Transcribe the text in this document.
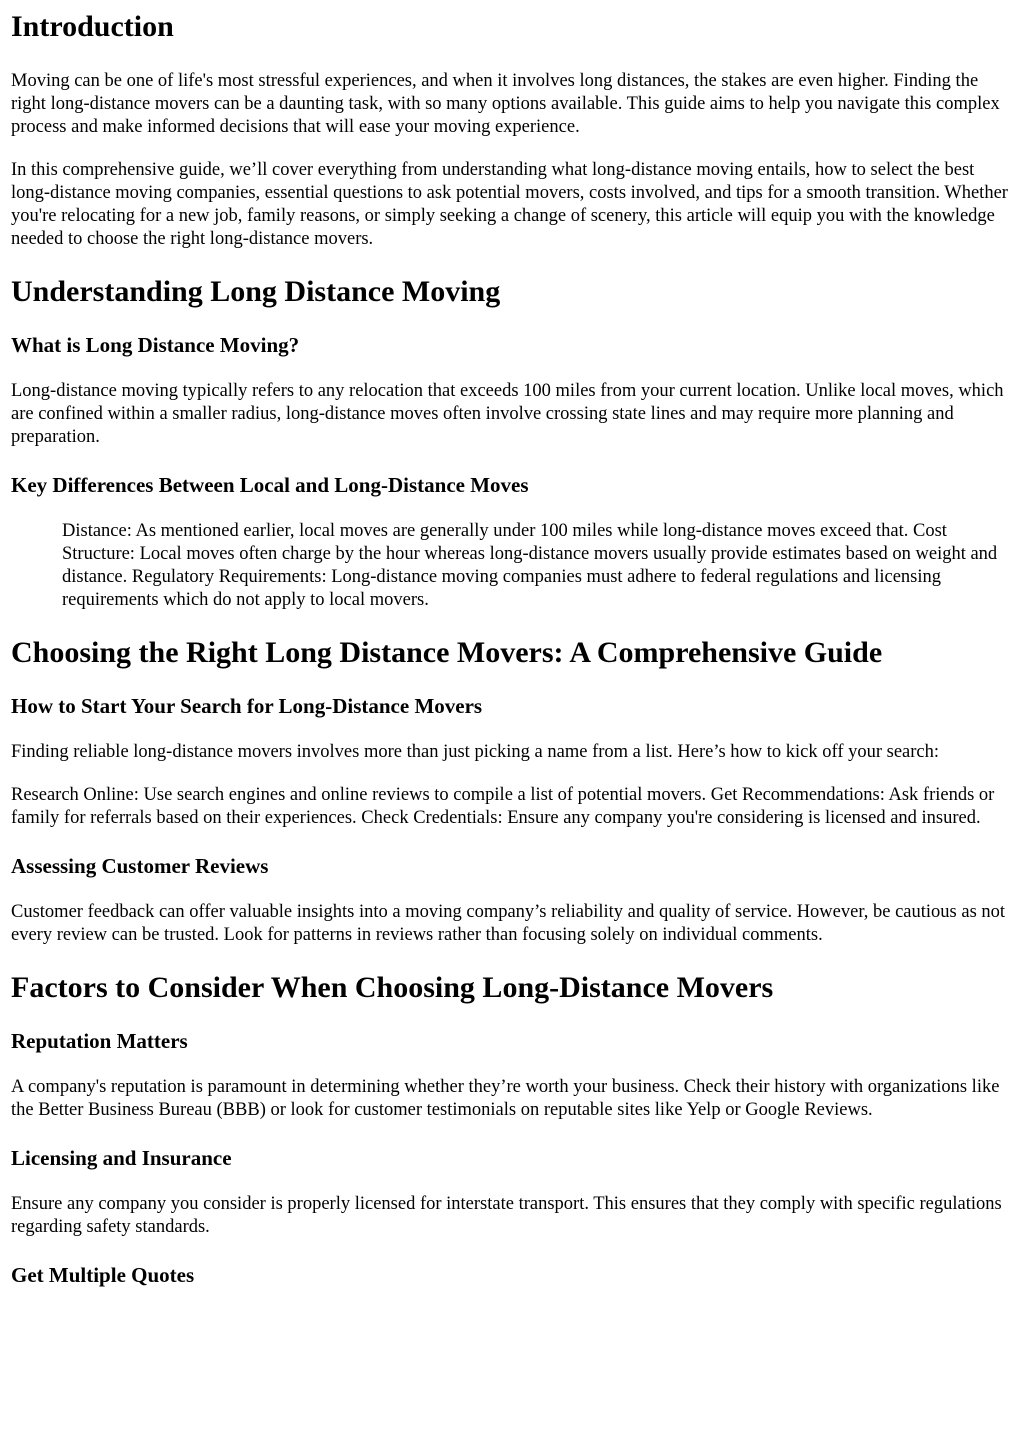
Introduction

Moving can be one of life's most stressful experiences, and when it involves long distances, the stakes are even higher. Finding the right long-distance movers can be a daunting task, with so many options available. This guide aims to help you navigate this complex process and make informed decisions that will ease your moving experience.

In this comprehensive guide, we’ll cover everything from understanding what long-distance moving entails, how to select the best long-distance moving companies, essential questions to ask potential movers, costs involved, and tips for a smooth transition. Whether you're relocating for a new job, family reasons, or simply seeking a change of scenery, this article will equip you with the knowledge needed to choose the right long-distance movers.

Understanding Long Distance Moving
What is Long Distance Moving?

Long-distance moving typically refers to any relocation that exceeds 100 miles from your current location. Unlike local moves, which are confined within a smaller radius, long-distance moves often involve crossing state lines and may require more planning and preparation.

Key Differences Between Local and Long-Distance Moves
Distance: As mentioned earlier, local moves are generally under 100 miles while long-distance moves exceed that. Cost Structure: Local moves often charge by the hour whereas long-distance movers usually provide estimates based on weight and distance. Regulatory Requirements: Long-distance moving companies must adhere to federal regulations and licensing requirements which do not apply to local movers.
Choosing the Right Long Distance Movers: A Comprehensive Guide
How to Start Your Search for Long-Distance Movers

Finding reliable long-distance movers involves more than just picking a name from a list. Here’s how to kick off your search:

Research Online: Use search engines and online reviews to compile a list of potential movers. Get Recommendations: Ask friends or family for referrals based on their experiences. Check Credentials: Ensure any company you're considering is licensed and insured.

Assessing Customer Reviews

Customer feedback can offer valuable insights into a moving company’s reliability and quality of service. However, be cautious as not every review can be trusted. Look for patterns in reviews rather than focusing solely on individual comments.

Factors to Consider When Choosing Long-Distance Movers
Reputation Matters

A company's reputation is paramount in determining whether they’re worth your business. Check their history with organizations like the Better Business Bureau (BBB) or look for customer testimonials on reputable sites like Yelp or Google Reviews.

Licensing and Insurance

Ensure any company you consider is properly licensed for interstate transport. This ensures that they comply with specific regulations regarding safety standards.

Get Multiple Quotes
